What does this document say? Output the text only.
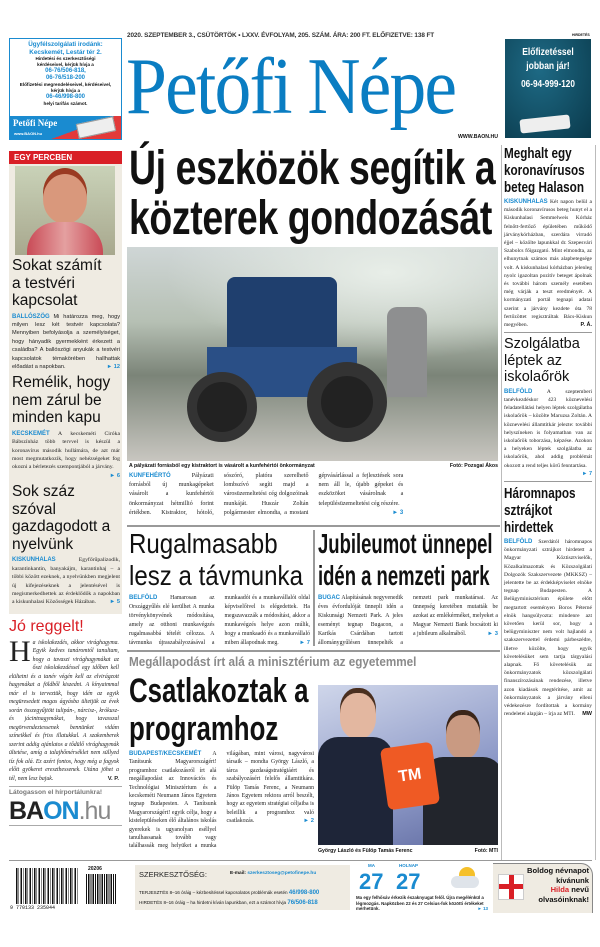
Ügyfélszolgálati irodánk:
Kecskemét, Lestár tér 2.
Hirdetési és szerkesztőségi kérdéseivel, kérjük hívja a
06-76/506-818,
06-76/518-200
Előfizetési megrendeléseivel, kérdéseivel, kérjük hívja a
06-46/998-800
helyi tarifás számot.
Petőfi Népe
www.BAON.hu
2020. SZEPTEMBER 3., CSÜTÖRTÖK • LXXV. ÉVFOLYAM, 205. SZÁM. ÁRA: 200 FT. ELŐFIZETVE: 138 FT
Petőfi Népe
WWW.BAON.HU
HIRDETÉS
Előfizetéssel
jobban jár!
06-94-999-120
EGY PERCBEN
Sokat számít a testvéri kapcsolat
BALLÓSZÖG Mi határozza meg, hogy milyen lesz két testvér kapcsolata? Mennyiben befolyásolja a személyiséget, hogy hányadik gyermekként érkezett a családba? A ballószögi anyukák a testvéri kapcsolatok témakörében hallhattak előadást a napokban.	► 12
Remélik, hogy nem zárul be minden kapu
KECSKEMÉT A kecskeméti Ciróka Bábszínház több tervvel is készül a koronavírus második hullámára, de azt már most megmutatkozik, hogy nehézségeket fog okozni a bérletezés szempontjából a járvány.
► 6
Sok száz szóval gazdagodott a nyelvünk
KISKUNHALAS	Egyfőrűpalizodik, karantinkantin, banyakájm, karantinhaj – a többi között ezeknek, a nyelvünkben megjelent új kifejezéseknek a jelentésével is megismerkedhettek az érdeklődők a napokban a kiskunhalasi Közösségek Házában. ► 5
Jó reggelt!
Ha iskolakezdés, akkor virághagyma. Egyik kedves tanáromtól tanultam, hogy a tavaszi virághagymákat az őszi iskolakezdéssel egy időben kell elültetni és a tanév végén kell az elvirágzott hagymákat a földből kiszedni. A kínyaimmal már el is terveztük, hogy idén az egyik megüresedett magas ágyásba ültetjük az évek során összegyűjtött tulipán-, nárcisz-, krókusz- és jácintnagymákat, hogy tavasszal megörvendeztessenek bennünket vidám színeikkel és friss illatukkal. A szakemberek szerint addig ajánlatos a tődülő virághagymák ültetése, amíg a talajhőmérséklet nem süllyed tíz fok alá. Ez azért fontos, hogy még a fagyok előtt gyökeret ereszthessenek. Utána jöhet a tél, nem lesz bajuk.	V. P.
Látogasson el hírportálunkra!
BAON.hu
Új eszközök segítik a közterek gondozását
A pályázati forrásból egy kistraktort is vásárolt a kunfehértói önkormányzat	Fotó: Pozsgai Ákos
KUNFEHÉRTÓ	Pályázati forrásból új munkagépeket vásárolt a kunfehértói önkormányzat hétmillió forint értékben. Kistraktor, hótoló, sószóró, platóra szerelhető lombszívó segíti majd a városüzemeltetési cég dolgozóinak munkáját. Huszár Zoltán polgármester elmondta, a mostani gépvásárlással a fejlesztések sora nem áll le, újabb gépeket és eszközöket vásárolnak a településüzemeltetési cég részére.
► 3
Rugalmasabb lesz a távmunka
BELFÖLD Hamarosan az Országgyűlés elé kerülhet A munka törvénykönyvének módosítása, amely az otthoni munkavégzés rugalmasabbá tételét célozza. A távmunka újraszabályozásával a munkaadói és a munkavállalói oldal képviselőivel is elégedettek. Ha megszavazzák a módosítást, akkor a munkavégzés helye azon múlik, hogy a munkaadó és a munkavállaló miben állapodnak meg.	► 7
Jubileumot ünnepel idén a nemzeti park
BUGAC Alapításának negyvenedik éves évfordulóját ünnepli idén a Kiskunsági Nemzeti Park. A jeles eseményt tegnap Bugacon, a Karikás Csárdában tartott állománygyűlésen ünnepelték a nemzeti park munkatársai. Az ünnepség keretében mutatták be azokat az emlékérméket, melyeket a Magyar Nemzeti Bank bocsátott ki a jubileum alkalmából.	► 3
Megállapodást írt alá a minisztérium az egyetemmel
Csatlakoztak a programhoz
BUDAPEST/KECSKEMÉT A Tanítsunk Magyarországért! programhoz csatlakozásról írt alá megállapodást az Innovációs és Technológiai Minisztérium és a kecskeméti Neumann János Egyetem tegnap Budapesten. A Tanítsunk Magyarországért! egyik célja, hogy a kistelepüléseken élő általános iskolás gyerekek is ugyanolyan eséllyel tanulhassanak tovább vagy találhassák meg helyüket a munka világában, mint városi, nagyvárosi társaik – mondta György László, a tárca gazdaságstratégiáért és szabályozásért felelős államtitkára. Fülöp Tamás Ferenc, a Neumann János Egyetem rektora arról beszélt, hogy az egyetem stratégiai céljaiba is beleillik a programhoz való csatlakozás.	► 2
TM
György László és Fülöp Tamás Ferenc	Fotó: MTI
Meghalt egy koronavírusos beteg Halason
KISKUNHALAS Két napon belül a második koronavírusos beteg hunyt el a Kiskunhalasi Semmelweis Kórház felnőtt-fertőző épületében működő járványkórházban, szerdára virradó éjjel – közölte lapunkkal dr. Szepesvári Szabolcs főigazgató. Mint elmondta, az elhunytnak számos más alapbetegsége volt. A kiskunhalasi kórházban jelenleg nyolc igazoltan pozitív beteget ápolnak és további három személy esetében még várják a teszt eredményét. A kormányzati portál tegnapi adatai szerint a járvány kezdete óta 78 fertőzöttet regisztráltak Bács-Kiskun megyében.	P. Á.
Szolgálatba léptek az iskolaőrök
BELFÖLD	A szeptemberi tanévkezdéskor 423 köznevelési feladatellátási helyen léptek szolgálatba iskolaőrök – közölte Maruzsa Zoltán. A köznevelési államtitkár jelezte: további helyszíneken is folyamatban van az iskolaőrök toborzása, képzése. Azokon a helyeken léptek szolgálatba az iskolaőrök, ahol addig problémát okozott a rend teljes körű fenntartása.
► 7
Háromnapos sztrájkot hirdettek
BELFÖLD Szerdától háromnapos önkormányzati sztrájkot hirdetett a Magyar Köztisztviselők, Közalkalmazottak és Közszolgálati Dolgozók Szakszervezete (MKKSZ) – jelentette be az érdekképviselet elnöke tegnap Budapesten. A Belügyminisztérium épülete előtt megtartott eseményen Boros Péterné elnök hangsúlyozta: mindenre azt követően kerül sor, hogy a belügyminiszter nem volt hajlandó a szakszervezettel érdemi párbeszédre, illetve közölte, hogy egyik követelésüket sem tartja tárgyalási alapnak. Fő követelésük az önkormányzatok közszolgálati finanszírozásának rendezése, illetve azon kiadások megtérítése, amit az önkormányzatok a járvány elleni védekezésre fordítottak a kormány rendeletei alapján – írja az MTI. MW
20206
9 770133 235044
SZERKESZTŐSÉG:	E-mail: szerkesztoseg@petofinepe.hu
TERJESZTÉS 8–16 óráig – kézbesítéssel kapcsolatos problémák esetén 46/998-800
HIRDETÉS 8–16 óráig – ha hirdetni kíván lapunkban, ezt a számot hívja 76/506-818
MA
27
HOLNAP
27
Ma egy felhősáv érkezik északnyugat felől. Újra megélénkül a légmozgás. Napközben 22 és 27 Celsius-fok közötti értékeket mérhetünk.	► 13
Boldog névnapot
kívánunk
Hilda nevű
olvasóinknak!
